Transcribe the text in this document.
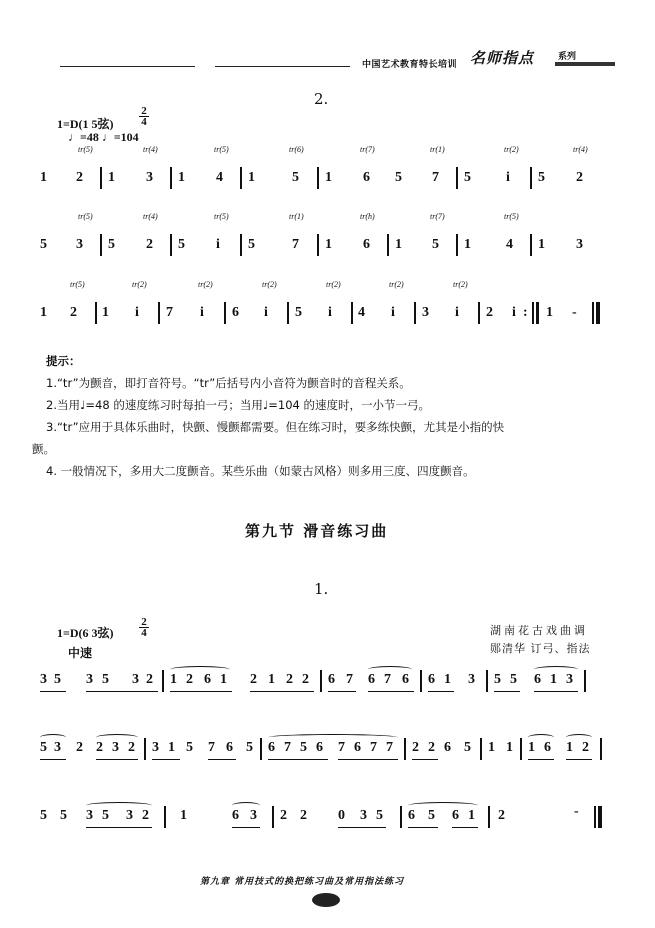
中国艺术教育特长培训 名师指点	系列
2.
1=D(1 5弦)
2
4
♩=48 ♩=104
tr(5)	tr(4)	tr(5)	tr(6)	tr(7)	tr(1)	tr(2)	tr(4)
1 2 1 3 1 4 1	5 1 6 5 7 5	i 5 2
tr(5)	tr(4)	tr(5)	tr(1)	tr(h)	tr(7)	tr(5)
5 3 5 2 5 i 5	7 1 6 1 5 1	4 1 3
tr(5)	tr(2)	tr(2)	tr(2)	tr(2)	tr(2)	tr(2)
1 2 1 i 7 i 6 i 5 i 4 i 3 i 2 i : 1 -
提示：
1.“tr”为颤音，即打音符号。“tr”后括号内小音符为颤音时的音程关系。
2.当用♩=48 的速度练习时每拍一弓；当用♩=104 的速度时，一小节一弓。
3.“tr”应用于具体乐曲时，快颤、慢颤都需要。但在练习时，要多练快颤，尤其是小指的快
颤。
4. 一般情况下，多用大二度颤音。某些乐曲（如蒙古风格）则多用三度、四度颤音。
第九节 滑音练习曲
1.
1=D(6 3弦)
2
4
中速
湖南花古戏曲调
郧清华 订弓、指法
3 5 3 5 3 2 1 2 6 1 2 1 2 2 6 7 6 7 6 6 1 3 5 5 6 1 3
5 3 2 2 3 2 3 1 5 7 6 5 6 7 5 6 7 6 7 7 2 2 6 5 1 1 1 6 1 2
5 5 3 5 3 2 1	6 3 2 2 0 3 5 6 5 6 1 2	-
第九章 常用技式的换把练习曲及常用指法练习
